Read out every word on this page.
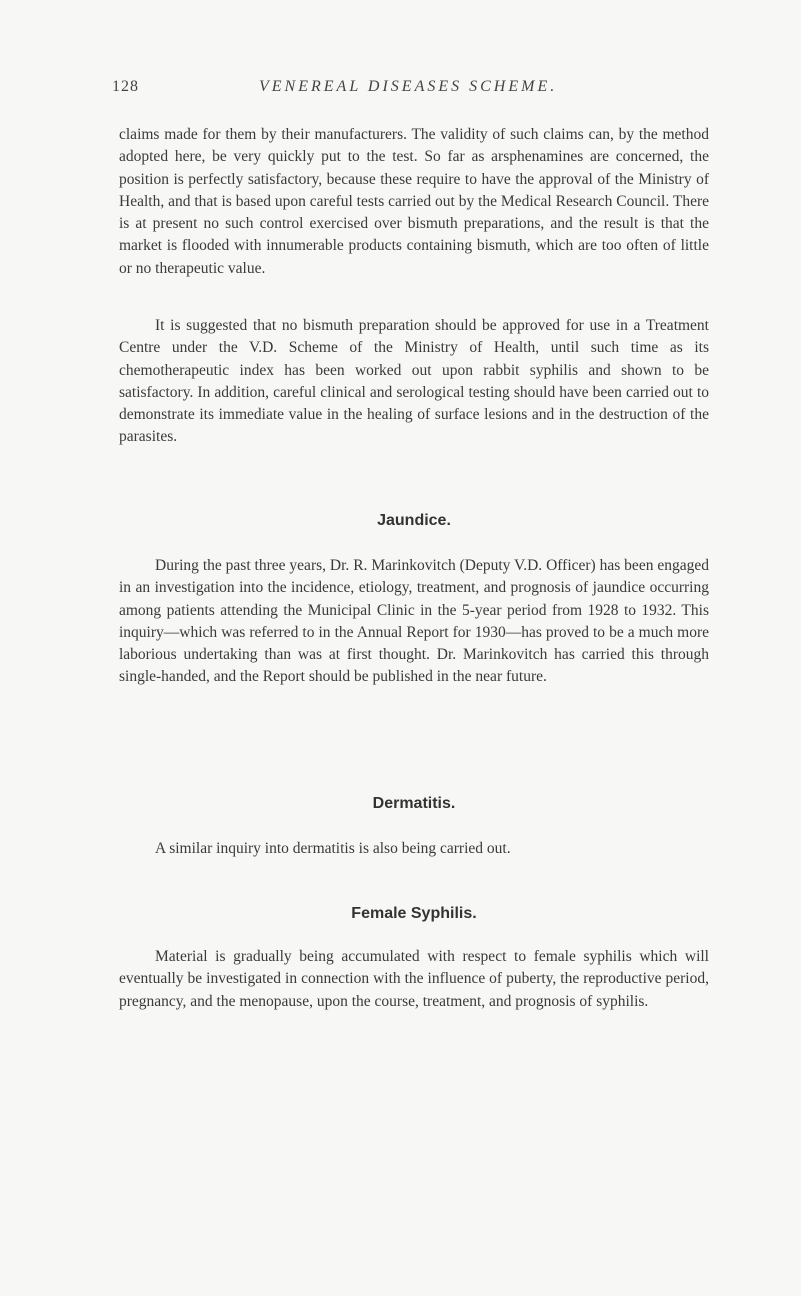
128	VENEREAL DISEASES SCHEME.

claims made for them by their manufacturers. The validity of such claims can, by the method adopted here, be very quickly put to the test. So far as arsphenamines are concerned, the position is perfectly satisfactory, because these require to have the approval of the Ministry of Health, and that is based upon careful tests carried out by the Medical Research Council. There is at present no such control exercised over bismuth preparations, and the result is that the market is flooded with innumerable products containing bismuth, which are too often of little or no therapeutic value.

It is suggested that no bismuth preparation should be approved for use in a Treatment Centre under the V.D. Scheme of the Ministry of Health, until such time as its chemotherapeutic index has been worked out upon rabbit syphilis and shown to be satisfactory. In addition, careful clinical and serological testing should have been carried out to demonstrate its immediate value in the healing of surface lesions and in the destruction of the parasites.

Jaundice.

During the past three years, Dr. R. Marinkovitch (Deputy V.D. Officer) has been engaged in an investigation into the incidence, etiology, treatment, and prognosis of jaundice occurring among patients attending the Municipal Clinic in the 5-year period from 1928 to 1932. This inquiry—which was referred to in the Annual Report for 1930—has proved to be a much more laborious undertaking than was at first thought. Dr. Marinkovitch has carried this through single-handed, and the Report should be published in the near future.

Dermatitis.

A similar inquiry into dermatitis is also being carried out.

Female Syphilis.

Material is gradually being accumulated with respect to female syphilis which will eventually be investigated in connection with the influence of puberty, the reproductive period, pregnancy, and the menopause, upon the course, treatment, and prognosis of syphilis.
